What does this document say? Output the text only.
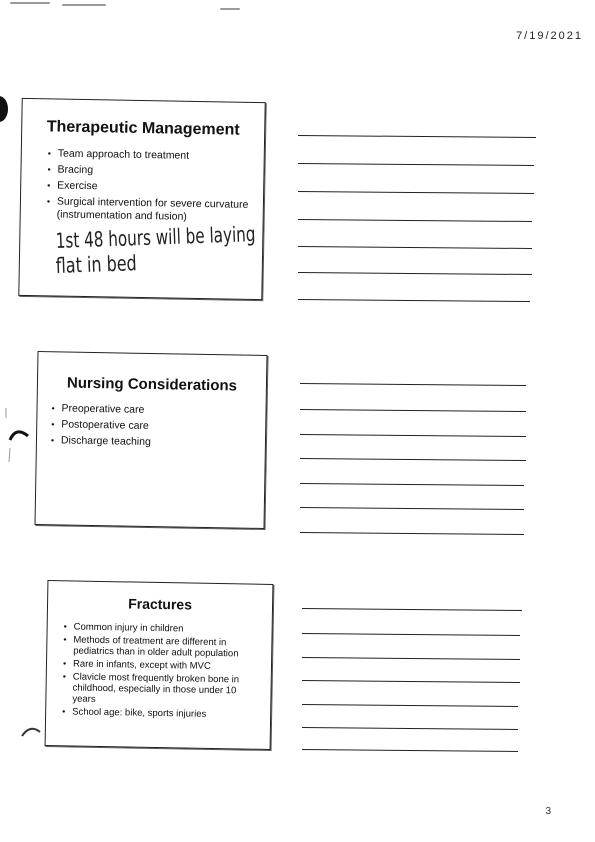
7/19/2021
Therapeutic Management
• Team approach to treatment
• Bracing
• Exercise
• Surgical intervention for severe curvature (instrumentation and fusion)
1st 48 hours will be laying
flat in bed
Nursing Considerations
• Preoperative care
• Postoperative care
• Discharge teaching
Fractures
• Common injury in children
• Methods of treatment are different in pediatrics than in older adult population
• Rare in infants, except with MVC
• Clavicle most frequently broken bone in childhood, especially in those under 10 years
• School age: bike, sports injuries
3
